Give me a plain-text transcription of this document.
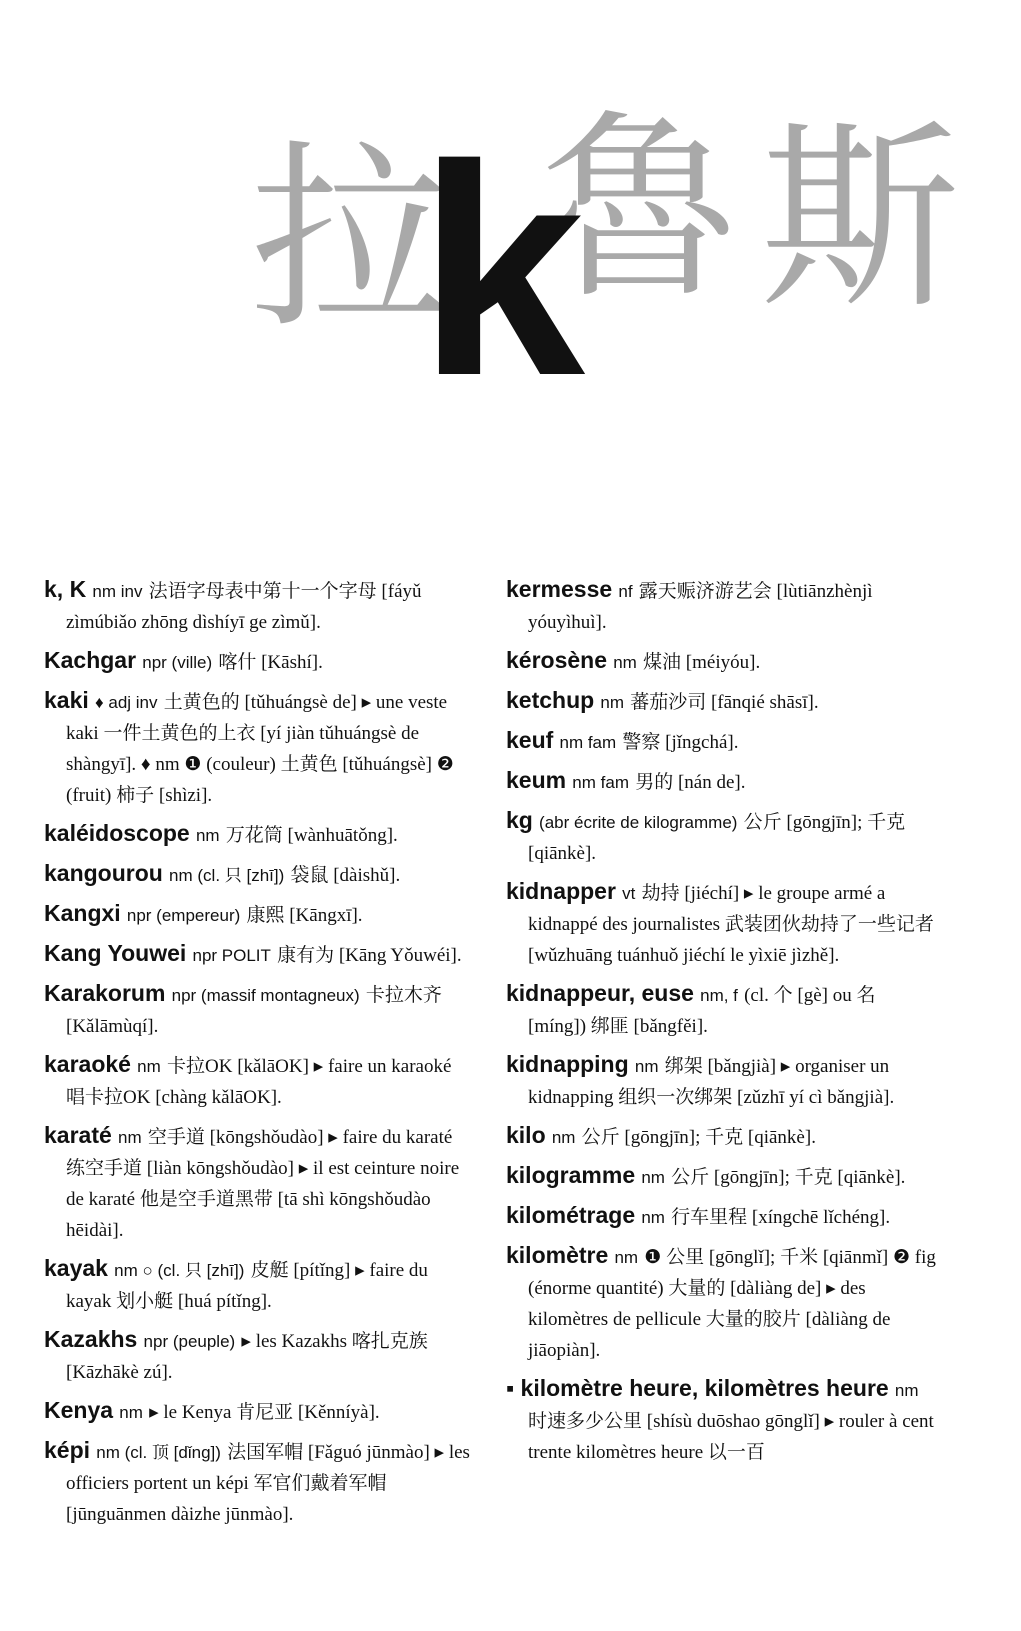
拉 魯 斯
k
k, K nm inv 法语字母表中第十一个字母 [fáyǔ zìmúbiǎo zhōng dìshíyī ge zìmǔ].
Kachgar npr (ville) 喀什 [Kāshí].
kaki ♦ adj inv 土黄色的 [tǔhuángsè de] ▸ une veste kaki 一件土黄色的上衣 [yí jiàn tǔhuángsè de shàngyī]. ♦ nm ❶ (couleur) 土黄色 [tǔhuángsè] ❷ (fruit) 柿子 [shìzi].
kaléidoscope nm 万花筒 [wànhuātǒng].
kangourou nm (cl. 只 [zhī]) 袋鼠 [dàishǔ].
Kangxi npr (empereur) 康熙 [Kāngxī].
Kang Youwei npr POLIT 康有为 [Kāng Yǒuwéi].
Karakorum npr (massif montagneux) 卡拉木齐 [Kǎlāmùqí].
karaoké nm 卡拉OK [kǎlāOK] ▸ faire un karaoké 唱卡拉OK [chàng kǎlāOK].
karaté nm 空手道 [kōngshǒudào] ▸ faire du karaté 练空手道 [liàn kōngshǒudào] ▸ il est ceinture noire de karaté 他是空手道黑带 [tā shì kōngshǒudào hēidài].
kayak nm ○ (cl. 只 [zhī]) 皮艇 [pítǐng] ▸ faire du kayak 划小艇 [huá pítǐng].
Kazakhs npr (peuple) ▸ les Kazakhs 喀扎克族 [Kāzhākè zú].
Kenya nm ▸ le Kenya 肯尼亚 [Kěnníyà].
képi nm (cl. 顶 [dǐng]) 法国军帽 [Fǎguó jūnmào] ▸ les officiers portent un képi 军官们戴着军帽 [jūnguānmen dàizhe jūnmào].
kermesse nf 露天赈济游艺会 [lùtiānzhènjì yóuyìhuì].
kérosène nm 煤油 [méiyóu].
ketchup nm 蕃茄沙司 [fānqié shāsī].
keuf nm fam 警察 [jǐngchá].
keum nm fam 男的 [nán de].
kg (abr écrite de kilogramme) 公斤 [gōngjīn]; 千克 [qiānkè].
kidnapper vt 劫持 [jiéchí] ▸ le groupe armé a kidnappé des journalistes 武装团伙劫持了一些记者 [wǔzhuāng tuánhuǒ jiéchí le yìxiē jìzhě].
kidnappeur, euse nm, f (cl. 个 [gè] ou 名 [míng]) 绑匪 [bǎngfěi].
kidnapping nm 绑架 [bǎngjià] ▸ organiser un kidnapping 组织一次绑架 [zǔzhī yí cì bǎngjià].
kilo nm 公斤 [gōngjīn]; 千克 [qiānkè].
kilogramme nm 公斤 [gōngjīn]; 千克 [qiānkè].
kilométrage nm 行车里程 [xíngchē lǐchéng].
kilomètre nm ❶ 公里 [gōnglǐ]; 千米 [qiānmǐ] ❷ fig (énorme quantité) 大量的 [dàliàng de] ▸ des kilomètres de pellicule 大量的胶片 [dàliàng de jiāopiàn].
▪ kilomètre heure, kilomètres heure nm 时速多少公里 [shísù duōshao gōnglǐ] ▸ rouler à cent trente kilomètres heure 以一百
